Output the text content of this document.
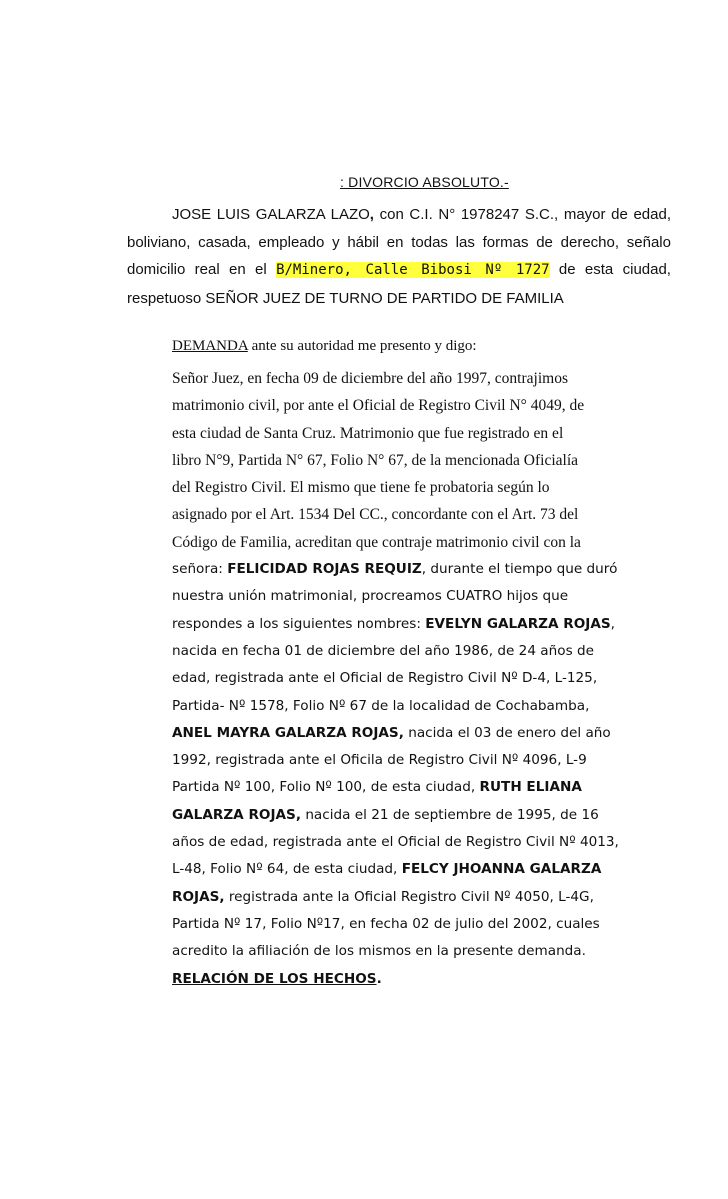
: DIVORCIO ABSOLUTO.-

JOSE LUIS GALARZA LAZO, con C.I. N° 1978247 S.C., mayor de edad, boliviano, casada, empleado y hábil en todas las formas de derecho, señalo domicilio real en el B/Minero, Calle Bibosi Nº 1727 de esta ciudad, respetuoso SEÑOR JUEZ DE TURNO DE PARTIDO DE FAMILIA

DEMANDA ante su autoridad me presento y digo:
Señor Juez, en fecha 09 de diciembre del año 1997, contrajimos
matrimonio civil, por ante el Oficial de Registro Civil N° 4049, de
esta ciudad de Santa Cruz. Matrimonio que fue registrado en el
libro N°9, Partida N° 67, Folio N° 67, de la mencionada Oficialía
del Registro Civil. El mismo que tiene fe probatoria según lo
asignado por el Art. 1534 Del CC., concordante con el Art. 73 del
Código de Familia, acreditan que contraje matrimonio civil con la
señora: FELICIDAD ROJAS REQUIZ, durante el tiempo que duró
nuestra unión matrimonial, procreamos CUATRO hijos que
respondes a los siguientes nombres: EVELYN GALARZA ROJAS,
nacida en fecha 01 de diciembre del año 1986, de 24 años de
edad, registrada ante el Oficial de Registro Civil Nº D-4, L-125,
Partida- Nº 1578, Folio Nº 67 de la localidad de Cochabamba,
ANEL MAYRA GALARZA ROJAS, nacida el 03 de enero del año
1992, registrada ante el Oficila de Registro Civil Nº 4096, L-9
Partida Nº 100, Folio Nº 100, de esta ciudad, RUTH ELIANA
GALARZA ROJAS, nacida el 21 de septiembre de 1995, de 16
años de edad, registrada ante el Oficial de Registro Civil Nº 4013,
L-48, Folio Nº 64, de esta ciudad, FELCY JHOANNA GALARZA
ROJAS, registrada ante la Oficial Registro Civil Nº 4050, L-4G,
Partida Nº 17, Folio Nº17, en fecha 02 de julio del 2002, cuales
acredito la afiliación de los mismos en la presente demanda.
RELACIÓN DE LOS HECHOS.
